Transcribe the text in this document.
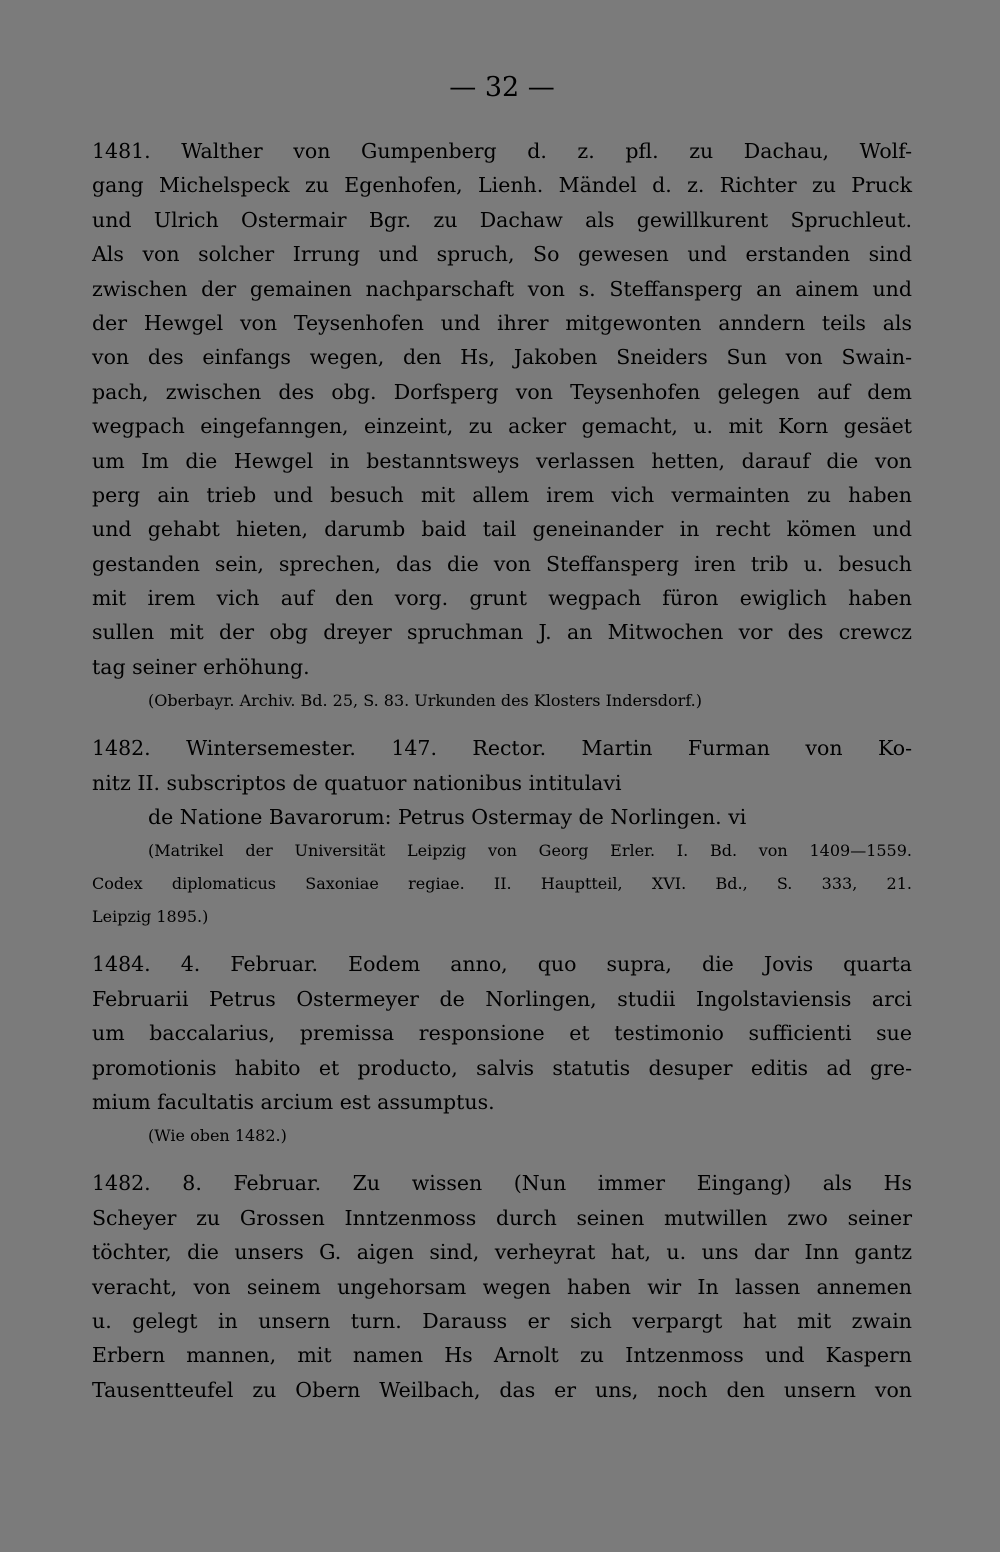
— 32 —
1481. Walther von Gumpenberg d. z. pfl. zu Dachau, Wolf-
gang Michelspeck zu Egenhofen, Lienh. Mändel d. z. Richter zu Pruck
und Ulrich Ostermair Bgr. zu Dachaw als gewillkurent Spruchleut.
Als von solcher Irrung und spruch, So gewesen und erstanden sind
zwischen der gemainen nachparschaft von s. Steffansperg an ainem und
der Hewgel von Teysenhofen und ihrer mitgewonten anndern teils als
von des einfangs wegen, den Hs, Jakoben Sneiders Sun von Swain-
pach, zwischen des obg. Dorfsperg von Teysenhofen gelegen auf dem
wegpach eingefanngen, einzeint, zu acker gemacht, u. mit Korn gesäet
um Im die Hewgel in bestanntsweys verlassen hetten, darauf die von
perg ain trieb und besuch mit allem irem vich vermainten zu haben
und gehabt hieten, darumb baid tail geneinander in recht kömen und
gestanden sein, sprechen, das die von Steffansperg iren trib u. besuch
mit irem vich auf den vorg. grunt wegpach füron ewiglich haben
sullen mit der obg dreyer spruchman J. an Mitwochen vor des crewcz
tag seiner erhöhung.
(Oberbayr. Archiv. Bd. 25, S. 83. Urkunden des Klosters Indersdorf.)
1482. Wintersemester. 147. Rector. Martin Furman von Ko-
nitz II. subscriptos de quatuor nationibus intitulavi
de Natione Bavarorum: Petrus Ostermay de Norlingen. vi
(Matrikel der Universität Leipzig von Georg Erler. I. Bd. von 1409—1559.
Codex diplomaticus Saxoniae regiae. II. Hauptteil, XVI. Bd., S. 333, 21.
Leipzig 1895.)
1484. 4. Februar. Eodem anno, quo supra, die Jovis quarta
Februarii Petrus Ostermeyer de Norlingen, studii Ingolstaviensis arci
um baccalarius, premissa responsione et testimonio sufficienti sue
promotionis habito et producto, salvis statutis desuper editis ad gre-
mium facultatis arcium est assumptus.
(Wie oben 1482.)
1482. 8. Februar. Zu wissen (Nun immer Eingang) als Hs
Scheyer zu Grossen Inntzenmoss durch seinen mutwillen zwo seiner
töchter, die unsers G. aigen sind, verheyrat hat, u. uns dar Inn gantz
veracht, von seinem ungehorsam wegen haben wir In lassen annemen
u. gelegt in unsern turn. Darauss er sich verpargt hat mit zwain
Erbern mannen, mit namen Hs Arnolt zu Intzenmoss und Kaspern
Tausentteufel zu Obern Weilbach, das er uns, noch den unsern von
